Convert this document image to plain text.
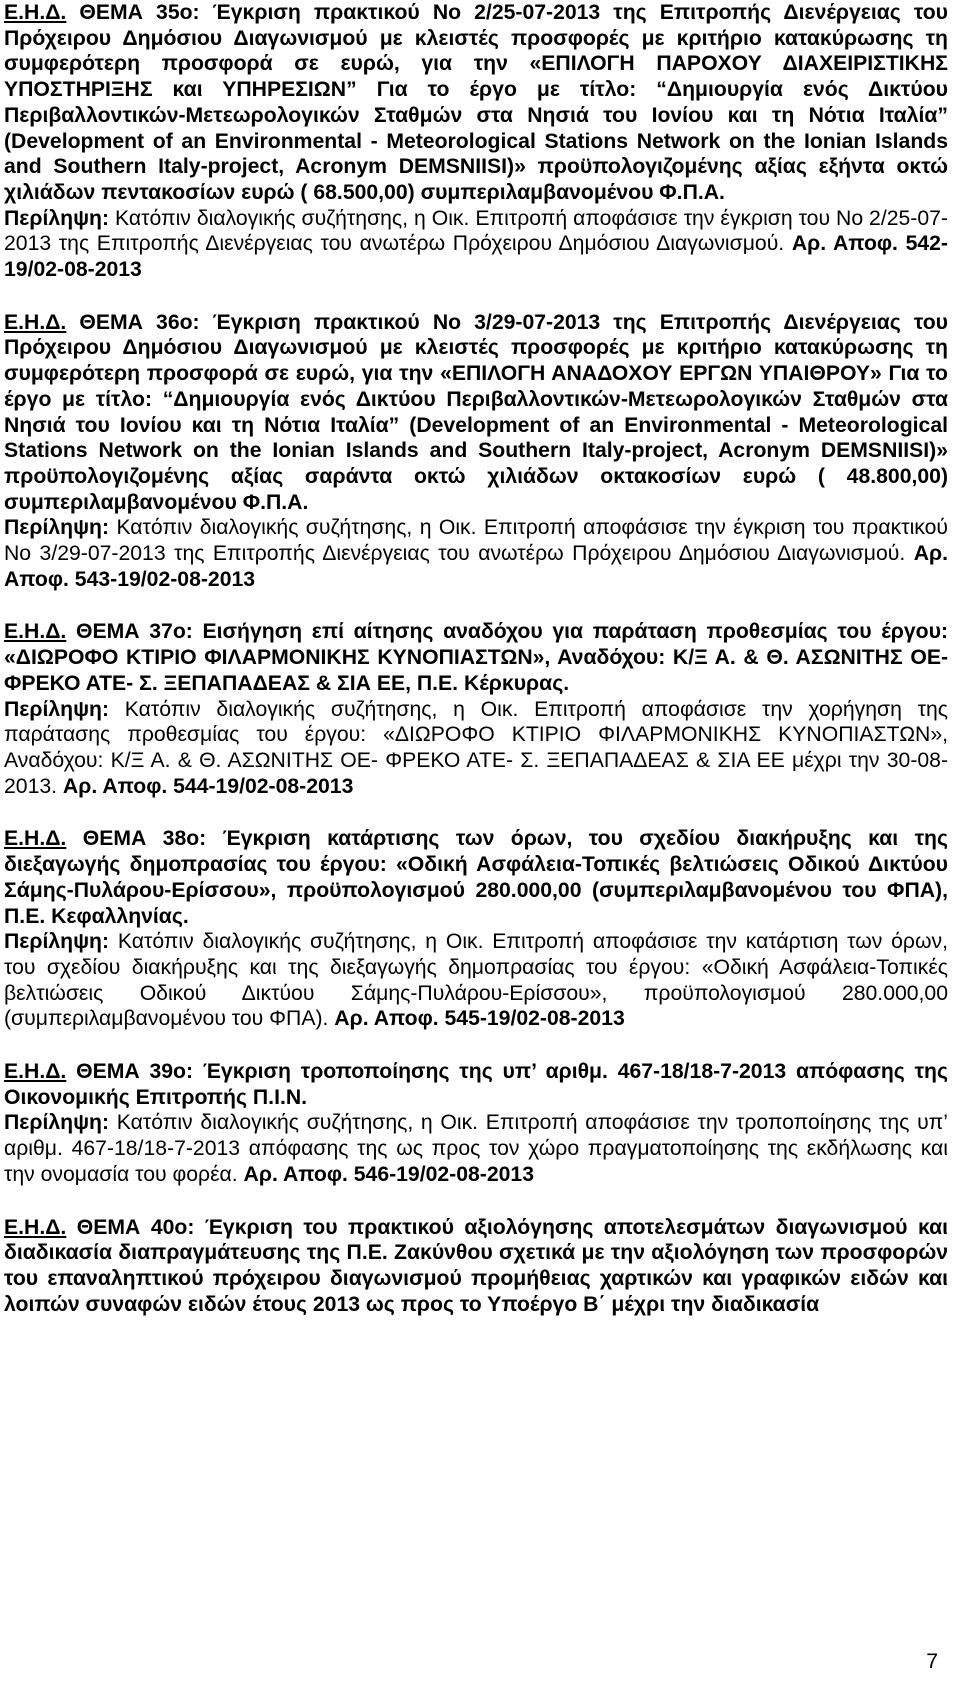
Ε.Η.Δ. ΘΕΜΑ 35ο: Έγκριση πρακτικού Νο 2/25-07-2013 της Επιτροπής Διενέργειας του Πρόχειρου Δημόσιου Διαγωνισμού με κλειστές προσφορές με κριτήριο κατακύρωσης τη συμφερότερη προσφορά σε ευρώ, για την «ΕΠΙΛΟΓΗ ΠΑΡΟΧΟΥ ΔΙΑΧΕΙΡΙΣΤΙΚΗΣ ΥΠΟΣΤΗΡΙΞΗΣ και ΥΠΗΡΕΣΙΩΝ” Για το έργο με τίτλο: “Δημιουργία ενός Δικτύου Περιβαλλοντικών-Μετεωρολογικών Σταθμών στα Νησιά του Ιονίου και τη Νότια Ιταλία” (Development of an Environmental - Meteorological Stations Network on the Ionian Islands and Southern Italy-project, Acronym DEMSNIISI)» προϋπολογιζομένης αξίας εξήντα οκτώ χιλιάδων πεντακοσίων ευρώ ( 68.500,00) συμπεριλαμβανομένου Φ.Π.Α.
Περίληψη: Κατόπιν διαλογικής συζήτησης, η Οικ. Επιτροπή αποφάσισε την έγκριση του Νο 2/25-07-2013 της Επιτροπής Διενέργειας του ανωτέρω Πρόχειρου Δημόσιου Διαγωνισμού. Αρ. Αποφ. 542-19/02-08-2013
Ε.Η.Δ. ΘΕΜΑ 36ο: Έγκριση πρακτικού Νο 3/29-07-2013 της Επιτροπής Διενέργειας του Πρόχειρου Δημόσιου Διαγωνισμού με κλειστές προσφορές με κριτήριο κατακύρωσης τη συμφερότερη προσφορά σε ευρώ, για την «ΕΠΙΛΟΓΗ ΑΝΑΔΟΧΟΥ ΕΡΓΩΝ ΥΠΑΙΘΡΟΥ» Για το έργο με τίτλο: “Δημιουργία ενός Δικτύου Περιβαλλοντικών-Μετεωρολογικών Σταθμών στα Νησιά του Ιονίου και τη Νότια Ιταλία” (Development of an Environmental - Meteorological Stations Network on the Ionian Islands and Southern Italy-project, Acronym DEMSNIISI)» προϋπολογιζομένης αξίας σαράντα οκτώ χιλιάδων οκτακοσίων ευρώ ( 48.800,00) συμπεριλαμβανομένου Φ.Π.Α.
Περίληψη: Κατόπιν διαλογικής συζήτησης, η Οικ. Επιτροπή αποφάσισε την έγκριση του πρακτικού Νο 3/29-07-2013 της Επιτροπής Διενέργειας του ανωτέρω Πρόχειρου Δημόσιου Διαγωνισμού. Αρ. Αποφ. 543-19/02-08-2013
Ε.Η.Δ. ΘΕΜΑ 37ο: Εισήγηση επί αίτησης αναδόχου για παράταση προθεσμίας του έργου: «ΔΙΩΡΟΦΟ ΚΤΙΡΙΟ ΦΙΛΑΡΜΟΝΙΚΗΣ ΚΥΝΟΠΙΑΣΤΩΝ», Αναδόχου: Κ/Ξ Α. & Θ. ΑΣΩΝΙΤΗΣ ΟΕ- ΦΡΕΚΟ ΑΤΕ- Σ. ΞΕΠΑΠΑΔΕΑΣ & ΣΙΑ ΕΕ, Π.Ε. Κέρκυρας.
Περίληψη: Κατόπιν διαλογικής συζήτησης, η Οικ. Επιτροπή αποφάσισε την χορήγηση της παράτασης προθεσμίας του έργου: «ΔΙΩΡΟΦΟ ΚΤΙΡΙΟ ΦΙΛΑΡΜΟΝΙΚΗΣ ΚΥΝΟΠΙΑΣΤΩΝ», Αναδόχου: Κ/Ξ Α. & Θ. ΑΣΩΝΙΤΗΣ ΟΕ- ΦΡΕΚΟ ΑΤΕ- Σ. ΞΕΠΑΠΑΔΕΑΣ & ΣΙΑ ΕΕ μέχρι την 30-08-2013. Αρ. Αποφ. 544-19/02-08-2013
Ε.Η.Δ. ΘΕΜΑ 38ο: Έγκριση κατάρτισης των όρων, του σχεδίου διακήρυξης και της διεξαγωγής δημοπρασίας του έργου: «Οδική Ασφάλεια-Τοπικές βελτιώσεις Οδικού Δικτύου Σάμης-Πυλάρου-Ερίσσου», προϋπολογισμού 280.000,00 (συμπεριλαμβανομένου του ΦΠΑ), Π.Ε. Κεφαλληνίας.
Περίληψη: Κατόπιν διαλογικής συζήτησης, η Οικ. Επιτροπή αποφάσισε την κατάρτιση των όρων, του σχεδίου διακήρυξης και της διεξαγωγής δημοπρασίας του έργου: «Οδική Ασφάλεια-Τοπικές βελτιώσεις Οδικού Δικτύου Σάμης-Πυλάρου-Ερίσσου», προϋπολογισμού 280.000,00 (συμπεριλαμβανομένου του ΦΠΑ). Αρ. Αποφ. 545-19/02-08-2013
Ε.Η.Δ. ΘΕΜΑ 39ο: Έγκριση τροποποίησης της υπ’ αριθμ. 467-18/18-7-2013 απόφασης της Οικονομικής Επιτροπής Π.Ι.Ν.
Περίληψη: Κατόπιν διαλογικής συζήτησης, η Οικ. Επιτροπή αποφάσισε την τροποποίησης της υπ’ αριθμ. 467-18/18-7-2013 απόφασης της ως προς τον χώρο πραγματοποίησης της εκδήλωσης και την ονομασία του φορέα. Αρ. Αποφ. 546-19/02-08-2013
Ε.Η.Δ. ΘΕΜΑ 40ο: Έγκριση του πρακτικού αξιολόγησης αποτελεσμάτων διαγωνισμού και διαδικασία διαπραγμάτευσης της Π.Ε. Ζακύνθου σχετικά με την αξιολόγηση των προσφορών του επαναληπτικού πρόχειρου διαγωνισμού προμήθειας χαρτικών και γραφικών ειδών και λοιπών συναφών ειδών έτους 2013 ως προς το Υποέργο Β΄ μέχρι την διαδικασία
7
